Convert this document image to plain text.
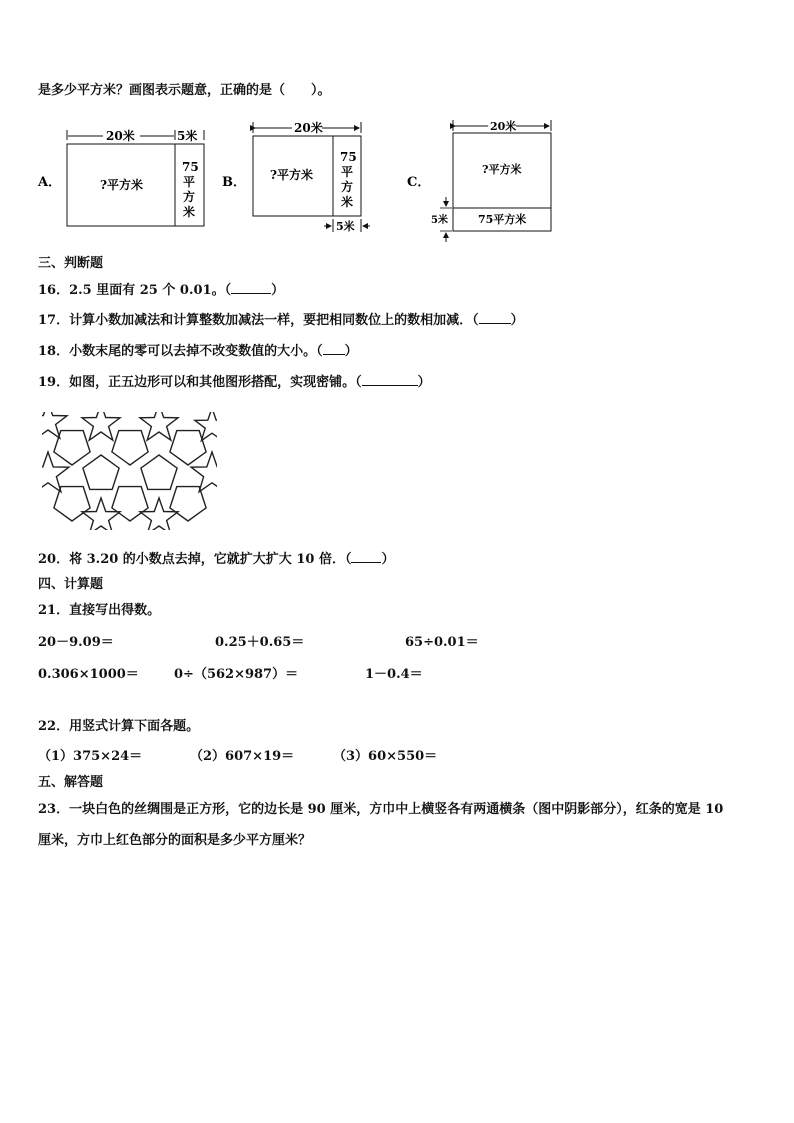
是多少平方米？画图表示题意，正确的是（　　）。
A．
20米	5米
?平方米
75
平
方
米
B．
20米
?平方米
75
平
方
米
5米
C．
20米
?平方米
75平方米
5米
三、判断题
16．2.5 里面有 25 个 0.01。（	）
17．计算小数加减法和计算整数加减法一样，要把相同数位上的数相加减．（ ）
18．小数末尾的零可以去掉不改变数值的大小。（ ）
19．如图，正五边形可以和其他图形搭配，实现密铺。（	）
20．将 3.20 的小数点去掉，它就扩大扩大 10 倍．（ ）
四、计算题
21．直接写出得数。
20－9.09＝	0.25＋0.65＝	65÷0.01＝
0.306×1000＝	0÷（562×987）＝	1－0.4＝
22．用竖式计算下面各题。
（1）375×24＝	（2）607×19＝	（3）60×550＝
五、解答题
23．一块白色的丝绸围是正方形，它的边长是 90 厘米，方巾中上横竖各有两通横条（图中阴影部分），红条的宽是 10
厘米，方巾上红色部分的面积是多少平方厘米？
